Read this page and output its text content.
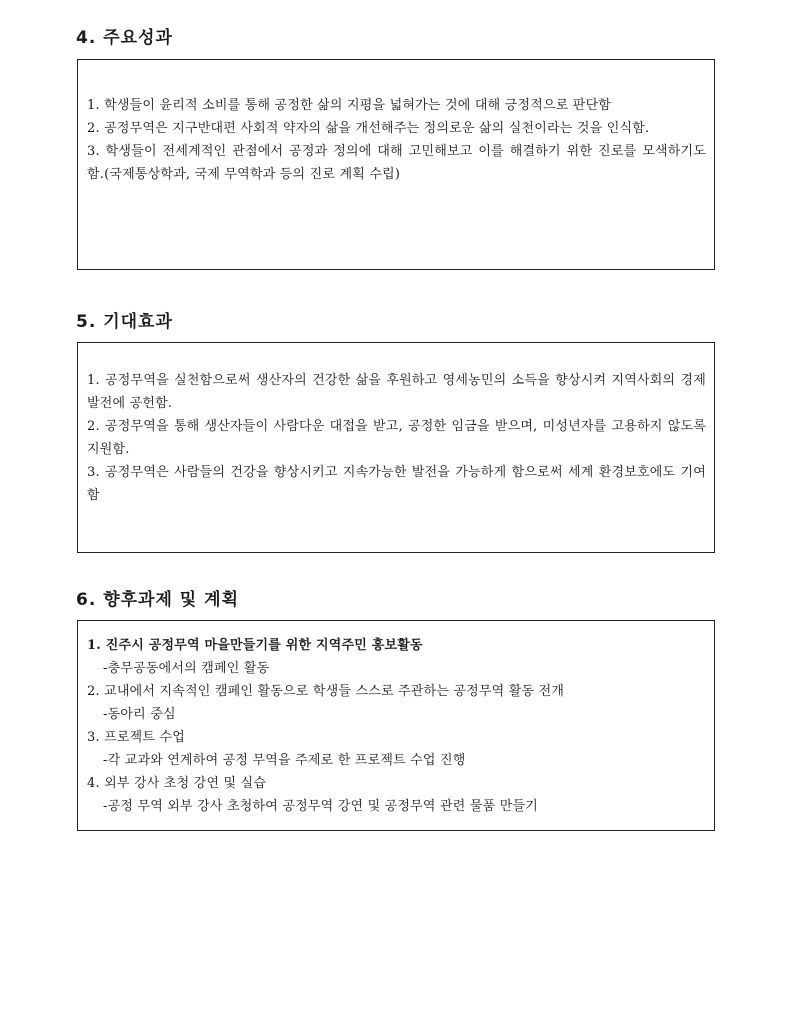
4. 주요성과

1. 학생들이 윤리적 소비를 통해 공정한 삶의 지평을 넓혀가는 것에 대해 긍정적으로 판단함

2. 공정무역은 지구반대편 사회적 약자의 삶을 개선해주는 정의로운 삶의 실천이라는 것을 인식함.

3. 학생들이 전세계적인 관점에서 공정과 정의에 대해 고민해보고 이를 해결하기 위한 진로를 모색하기도 함.(국제통상학과, 국제 무역학과 등의 진로 계획 수립)

5. 기대효과

1. 공정무역을 실천함으로써 생산자의 건강한 삶을 후원하고 영세농민의 소득을 향상시켜 지역사회의 경제발전에 공헌함.

2. 공정무역을 통해 생산자들이 사람다운 대접을 받고, 공정한 임금을 받으며, 미성년자를 고용하지 않도록 지원함.

3. 공정무역은 사람들의 건강을 향상시키고 지속가능한 발전을 가능하게 함으로써 세계 환경보호에도 기여함

6. 향후과제 및 계획

1. 진주시 공정무역 마을만들기를 위한 지역주민 홍보활동

-충무공동에서의 캠페인 활동

2. 교내에서 지속적인 캠페인 활동으로 학생들 스스로 주관하는 공정무역 활동 전개

-동아리 중심

3. 프로젝트 수업

-각 교과와 연계하여 공정 무역을 주제로 한 프로젝트 수업 진행

4. 외부 강사 초청 강연 및 실습

-공정 무역 외부 강사 초청하여 공정무역 강연 및 공정무역 관련 물품 만들기
